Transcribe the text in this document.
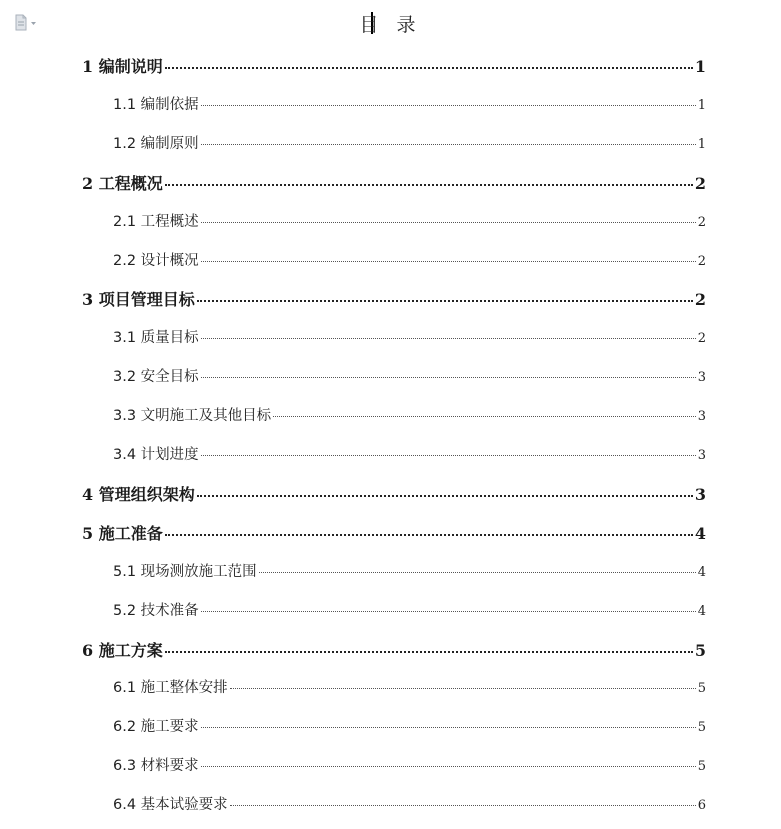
目 录
1 编制说明	1
1.1 编制依据	1
1.2 编制原则	1
2 工程概况	2
2.1 工程概述	2
2.2 设计概况	2
3 项目管理目标	2
3.1 质量目标	2
3.2 安全目标	3
3.3 文明施工及其他目标	3
3.4 计划进度	3
4 管理组织架构	3
5 施工准备	4
5.1 现场测放施工范围	4
5.2 技术准备	4
6 施工方案	5
6.1 施工整体安排	5
6.2 施工要求	5
6.3 材料要求	5
6.4 基本试验要求	6
